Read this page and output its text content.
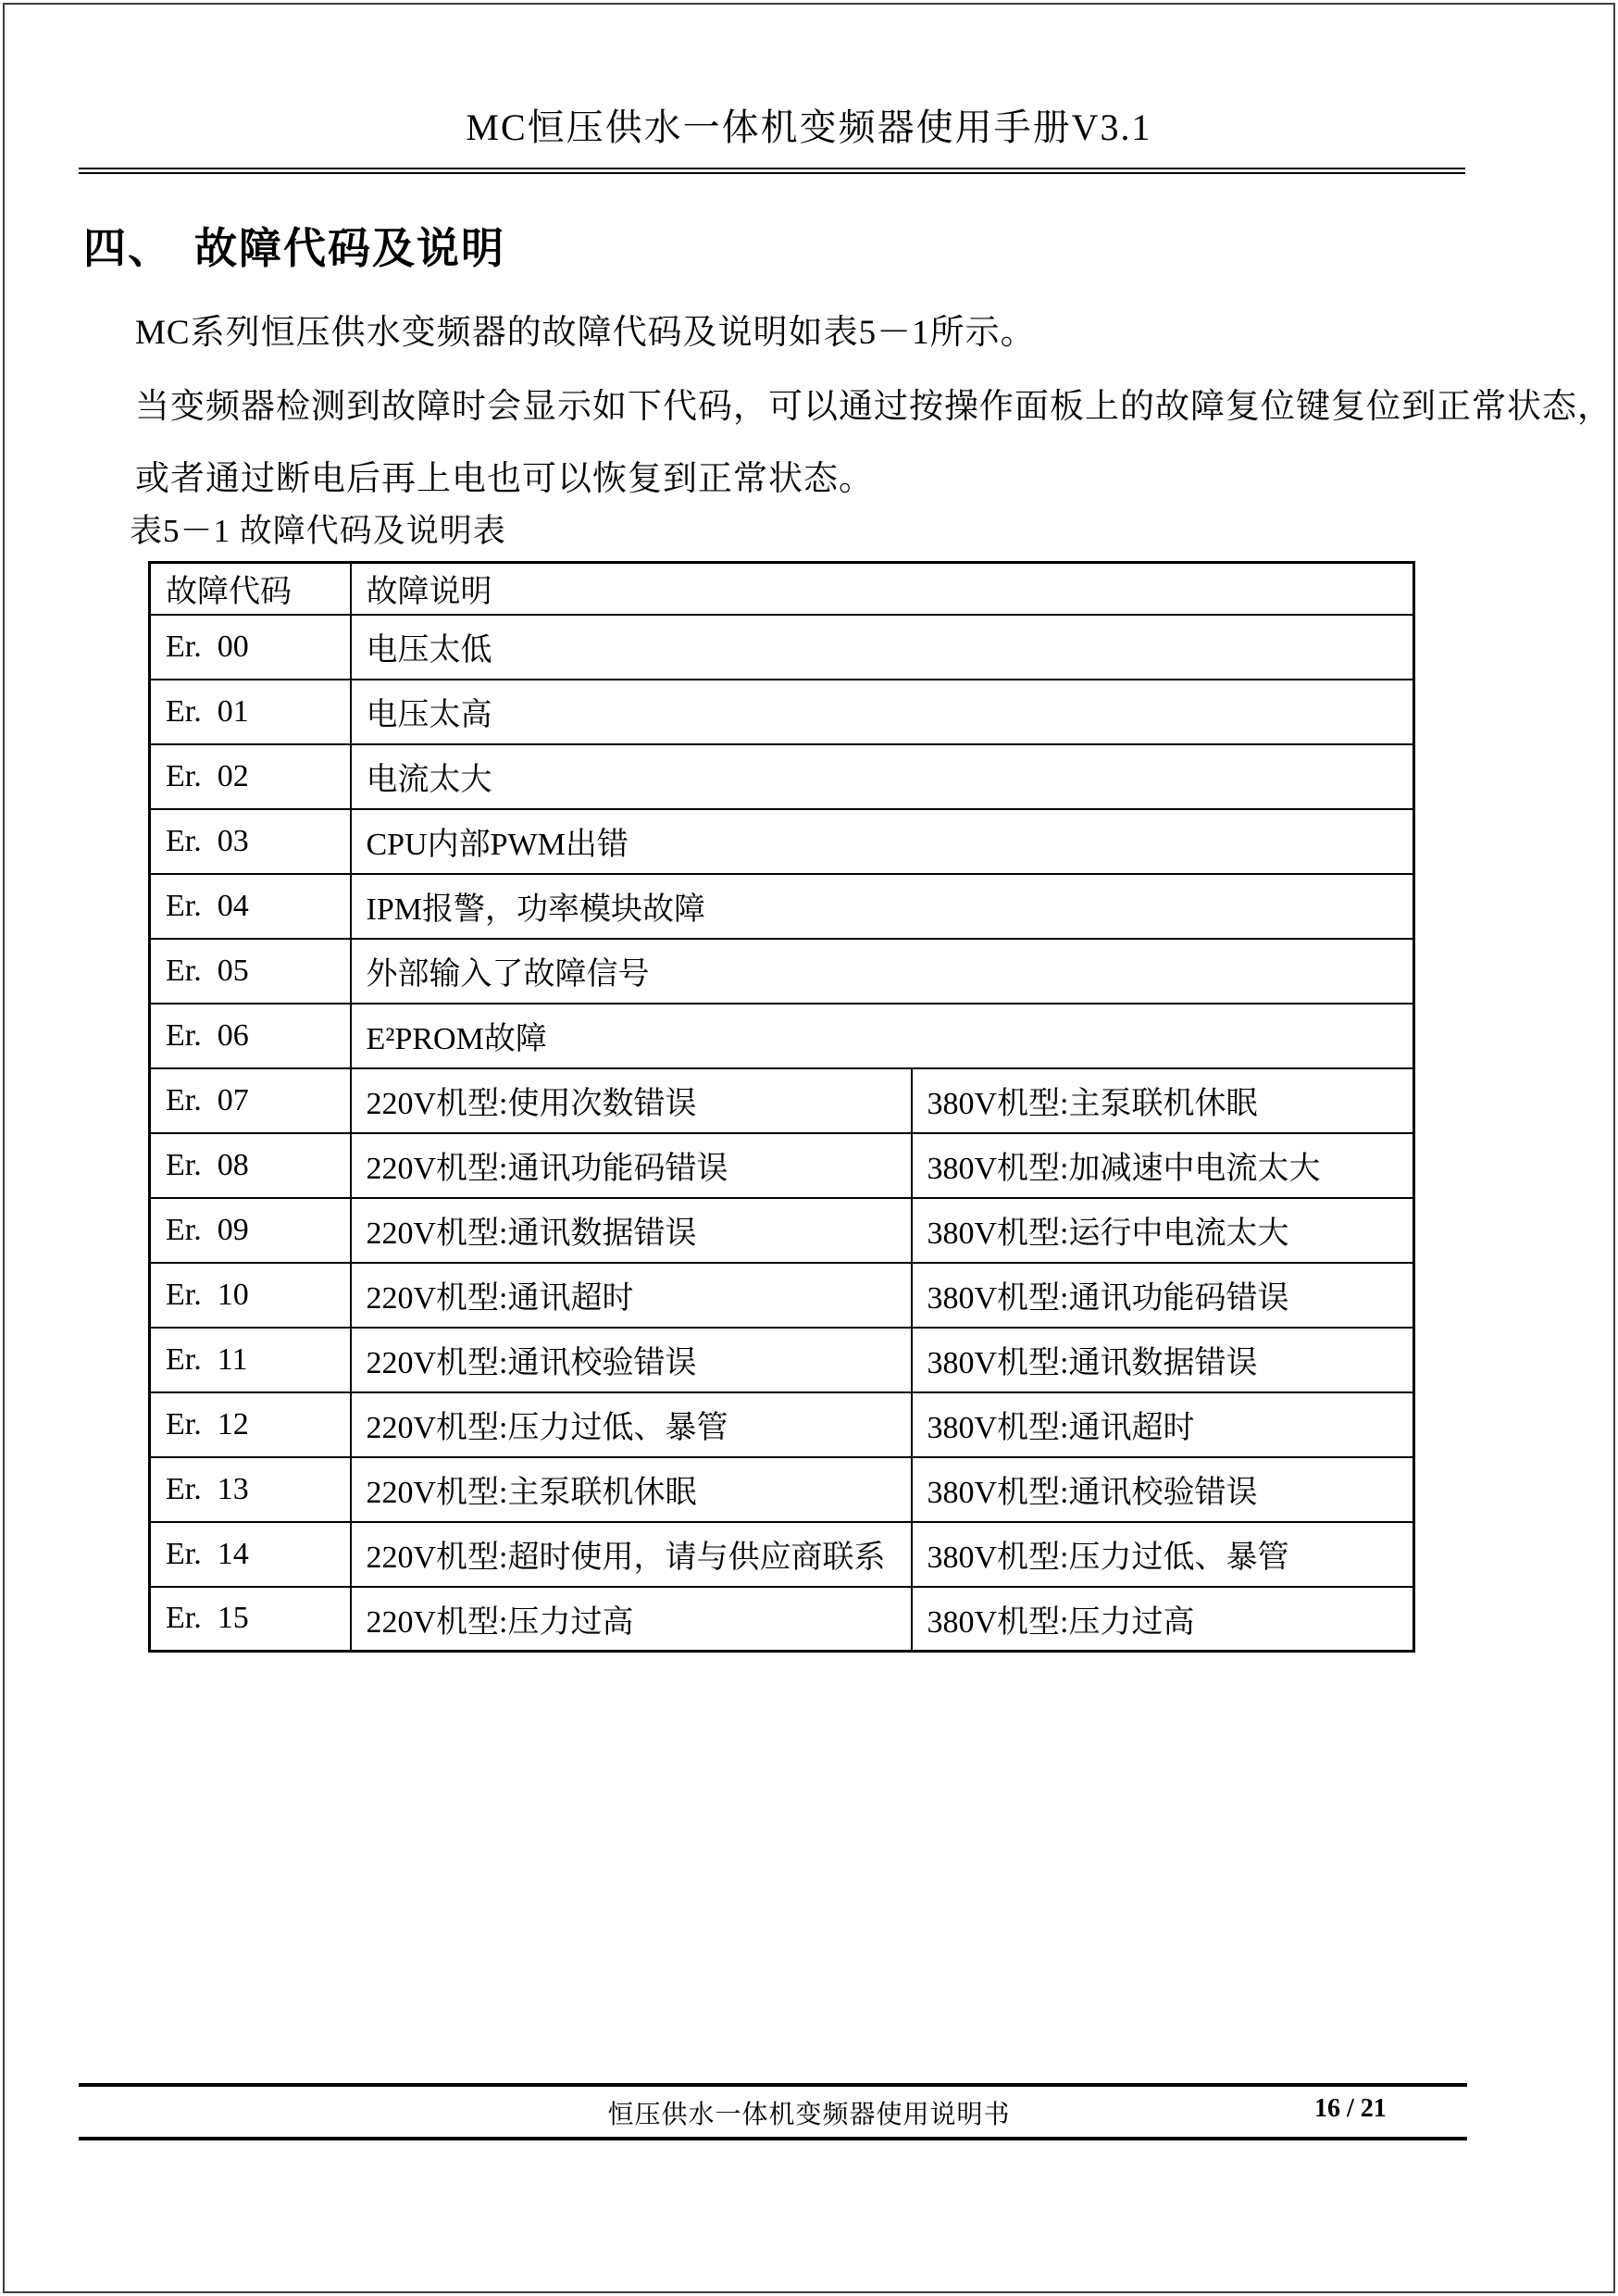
MC恒压供水一体机变频器使用手册V3.1
四、 故障代码及说明
MC系列恒压供水变频器的故障代码及说明如表5－1所示。
当变频器检测到故障时会显示如下代码，可以通过按操作面板上的故障复位键复位到正常状态，
或者通过断电后再上电也可以恢复到正常状态。
表5－1 故障代码及说明表
故障代码	故障说明	
Er.  00	电压太低	
Er.  01	电压太高	
Er.  02	电流太大	
Er.  03	CPU内部PWM出错	
Er.  04	IPM报警，功率模块故障	
Er.  05	外部输入了故障信号	
Er.  06	E²PROM故障	
Er.  07	220V机型:使用次数错误	380V机型:主泵联机休眠
Er.  08	220V机型:通讯功能码错误	380V机型:加减速中电流太大
Er.  09	220V机型:通讯数据错误	380V机型:运行中电流太大
Er.  10	220V机型:通讯超时	380V机型:通讯功能码错误
Er.  11	220V机型:通讯校验错误	380V机型:通讯数据错误
Er.  12	220V机型:压力过低、暴管	380V机型:通讯超时
Er.  13	220V机型:主泵联机休眠	380V机型:通讯校验错误
Er.  14	220V机型:超时使用，请与供应商联系	380V机型:压力过低、暴管
Er.  15	220V机型:压力过高	380V机型:压力过高
恒压供水一体机变频器使用说明书	16 / 21
